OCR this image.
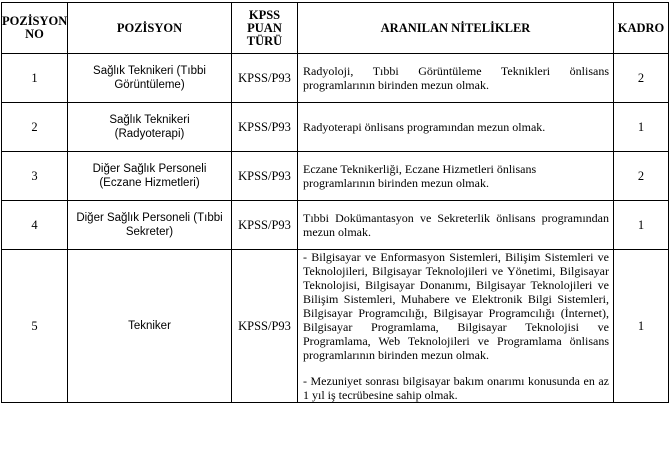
POZİSYON NO	POZİSYON	KPSS PUAN TÜRÜ	ARANILAN NİTELİKLER	KADRO
1	Sağlık Teknikeri (Tıbbi Görüntüleme)	KPSS/P93	Radyoloji, Tıbbi Görüntüleme Teknikleri önlisans programlarının birinden mezun olmak.	2
2	Sağlık Teknikeri (Radyoterapi)	KPSS/P93	Radyoterapi önlisans programından mezun olmak.	1
3	Diğer Sağlık Personeli (Eczane Hizmetleri)	KPSS/P93	Eczane Teknikerliği, Eczane Hizmetleri önlisans programlarının birinden mezun olmak.	2
4	Diğer Sağlık Personeli (Tıbbi Sekreter)	KPSS/P93	Tıbbi Dokümantasyon ve Sekreterlik önlisans programından mezun olmak.	1
5	Tekniker	KPSS/P93	- Bilgisayar ve Enformasyon Sistemleri, Bilişim Sistemleri ve Teknolojileri, Bilgisayar Teknolojileri ve Yönetimi, Bilgisayar Teknolojisi, Bilgisayar Donanımı, Bilgisayar Teknolojileri ve Bilişim Sistemleri, Muhabere ve Elektronik Bilgi Sistemleri, Bilgisayar Programcılığı, Bilgisayar Programcılığı (İnternet), Bilgisayar Programlama, Bilgisayar Teknolojisi ve Programlama, Web Teknolojileri ve Programlama önlisans programlarının birinden mezun olmak.

- Mezuniyet sonrası bilgisayar bakım onarımı konusunda en az 1 yıl iş tecrübesine sahip olmak.	1
